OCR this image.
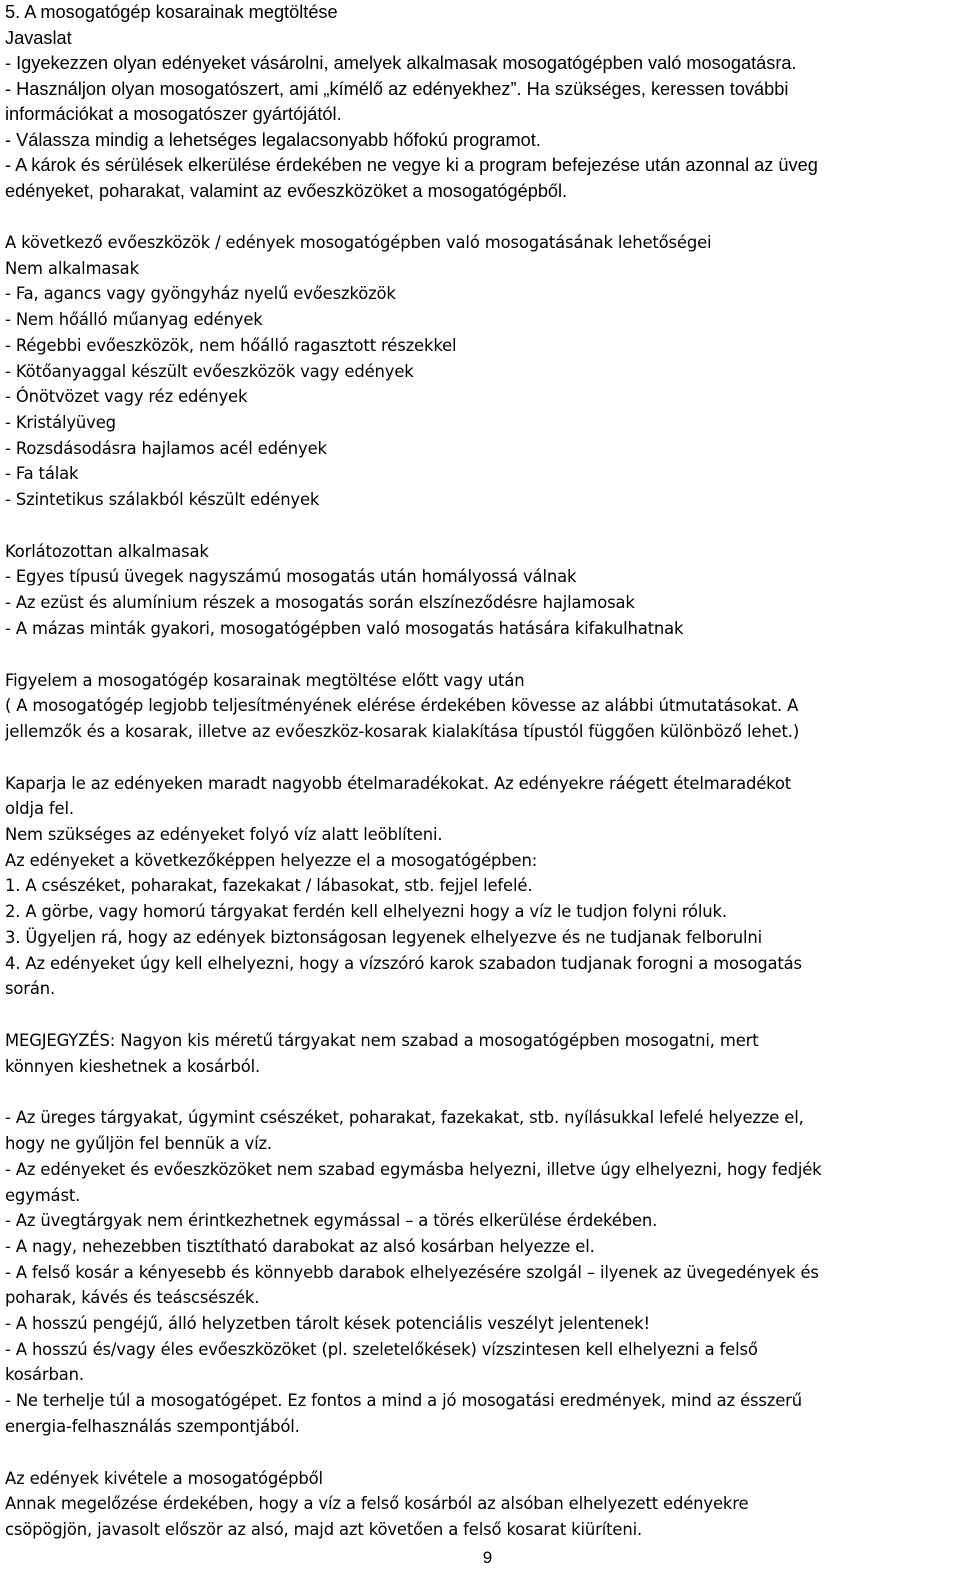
5. A mosogatógép kosarainak megtöltése

Javaslat

- Igyekezzen olyan edényeket vásárolni, amelyek alkalmasak mosogatógépben való mosogatásra.

- Használjon olyan mosogatószert, ami „kímélő az edényekhez”. Ha szükséges, keressen további

információkat a mosogatószer gyártójától.

- Válassza mindig a lehetséges legalacsonyabb hőfokú programot.

- A károk és sérülések elkerülése érdekében ne vegye ki a program befejezése után azonnal az üveg

edényeket, poharakat, valamint az evőeszközöket a mosogatógépből.

A következő evőeszközök / edények mosogatógépben való mosogatásának lehetőségei

Nem alkalmasak

- Fa, agancs vagy gyöngyház nyelű evőeszközök

- Nem hőálló műanyag edények

- Régebbi evőeszközök, nem hőálló ragasztott részekkel

- Kötőanyaggal készült evőeszközök vagy edények

- Ónötvözet vagy réz edények

- Kristályüveg

- Rozsdásodásra hajlamos acél edények

- Fa tálak

- Szintetikus szálakból készült edények

Korlátozottan alkalmasak

- Egyes típusú üvegek nagyszámú mosogatás után homályossá válnak

- Az ezüst és alumínium részek a mosogatás során elszíneződésre hajlamosak

- A mázas minták gyakori, mosogatógépben való mosogatás hatására kifakulhatnak

Figyelem a mosogatógép kosarainak megtöltése előtt vagy után

( A mosogatógép legjobb teljesítményének elérése érdekében kövesse az alábbi útmutatásokat. A

jellemzők és a kosarak, illetve az evőeszköz-kosarak kialakítása típustól függően különböző lehet.)

Kaparja le az edényeken maradt nagyobb ételmaradékokat. Az edényekre ráégett ételmaradékot

oldja fel.

Nem szükséges az edényeket folyó víz alatt leöblíteni.

Az edényeket a következőképpen helyezze el a mosogatógépben:

1. A csészéket, poharakat, fazekakat / lábasokat, stb. fejjel lefelé.

2. A görbe, vagy homorú tárgyakat ferdén kell elhelyezni hogy a víz le tudjon folyni róluk.

3. Ügyeljen rá, hogy az edények biztonságosan legyenek elhelyezve és ne tudjanak felborulni

4. Az edényeket úgy kell elhelyezni, hogy a vízszóró karok szabadon tudjanak forogni a mosogatás

során.

MEGJEGYZÉS: Nagyon kis méretű tárgyakat nem szabad a mosogatógépben mosogatni, mert

könnyen kieshetnek a kosárból.

- Az üreges tárgyakat, úgymint csészéket, poharakat, fazekakat, stb. nyílásukkal lefelé helyezze el,

hogy ne gyűljön fel bennük a víz.

- Az edényeket és evőeszközöket nem szabad egymásba helyezni, illetve úgy elhelyezni, hogy fedjék

egymást.

- Az üvegtárgyak nem érintkezhetnek egymással – a törés elkerülése érdekében.

- A nagy, nehezebben tisztítható darabokat az alsó kosárban helyezze el.

- A felső kosár a kényesebb és könnyebb darabok elhelyezésére szolgál – ilyenek az üvegedények és

poharak, kávés és teáscsészék.

- A hosszú pengéjű, álló helyzetben tárolt kések potenciális veszélyt jelentenek!

- A hosszú és/vagy éles evőeszközöket (pl. szeletelőkések) vízszintesen kell elhelyezni a felső

kosárban.

- Ne terhelje túl a mosogatógépet. Ez fontos a mind a jó mosogatási eredmények, mind az ésszerű

energia-felhasználás szempontjából.

Az edények kivétele a mosogatógépből

Annak megelőzése érdekében, hogy a víz a felső kosárból az alsóban elhelyezett edényekre

csöpögjön, javasolt először az alsó, majd azt követően a felső kosarat kiüríteni.

9
